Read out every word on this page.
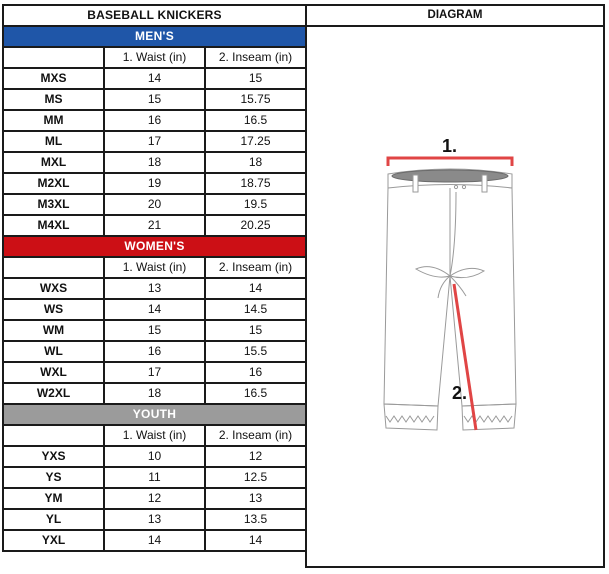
BASEBALL KNICKERS		
MEN'S		
	1. Waist (in)	2. Inseam (in)
MXS	14	15
MS	15	15.75
MM	16	16.5
ML	17	17.25
MXL	18	18
M2XL	19	18.75
M3XL	20	19.5
M4XL	21	20.25
WOMEN'S		
	1. Waist (in)	2. Inseam (in)
WXS	13	14
WS	14	14.5
WM	15	15
WL	16	15.5
WXL	17	16
W2XL	18	16.5
YOUTH		
	1. Waist (in)	2. Inseam (in)
YXS	10	12
YS	11	12.5
YM	12	13
YL	13	13.5
YXL	14	14
DIAGRAM
1.
2.
